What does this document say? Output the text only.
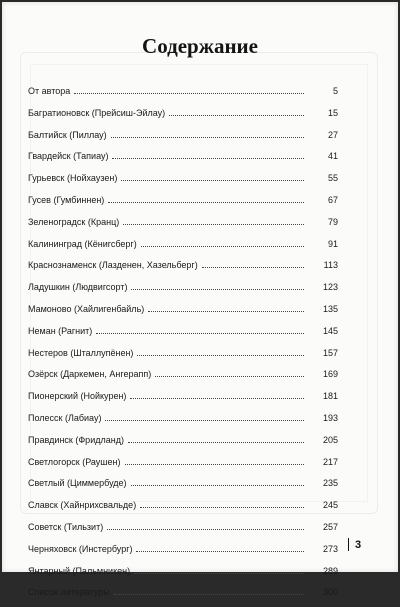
Содержание
От автора	5
Багратионовск (Прейсиш-Эйлау)	15
Балтийск (Пиллау)	27
Гвардейск (Тапиау)	41
Гурьевск (Нойхаузен)	55
Гусев (Гумбиннен)	67
Зеленоградск (Кранц)	79
Калининград (Кёнигсберг)	91
Краснознаменск (Лазденен, Хазельберг)	113
Ладушкин (Людвигсорт)	123
Мамоново (Хайлигенбайль)	135
Неман (Рагнит)	145
Нестеров (Шталлупёнен)	157
Озёрск (Даркемен, Ангерапп)	169
Пионерский (Нойкурен)	181
Полесск (Лабиау)	193
Правдинск (Фридланд)	205
Светлогорск (Раушен)	217
Светлый (Циммербуде)	235
Славск (Хайнрихсвальде)	245
Советск (Тильзит)	257
Черняховск (Инстербург)	273
Янтарный (Пальмникен)	289
Список литературы	300
3
